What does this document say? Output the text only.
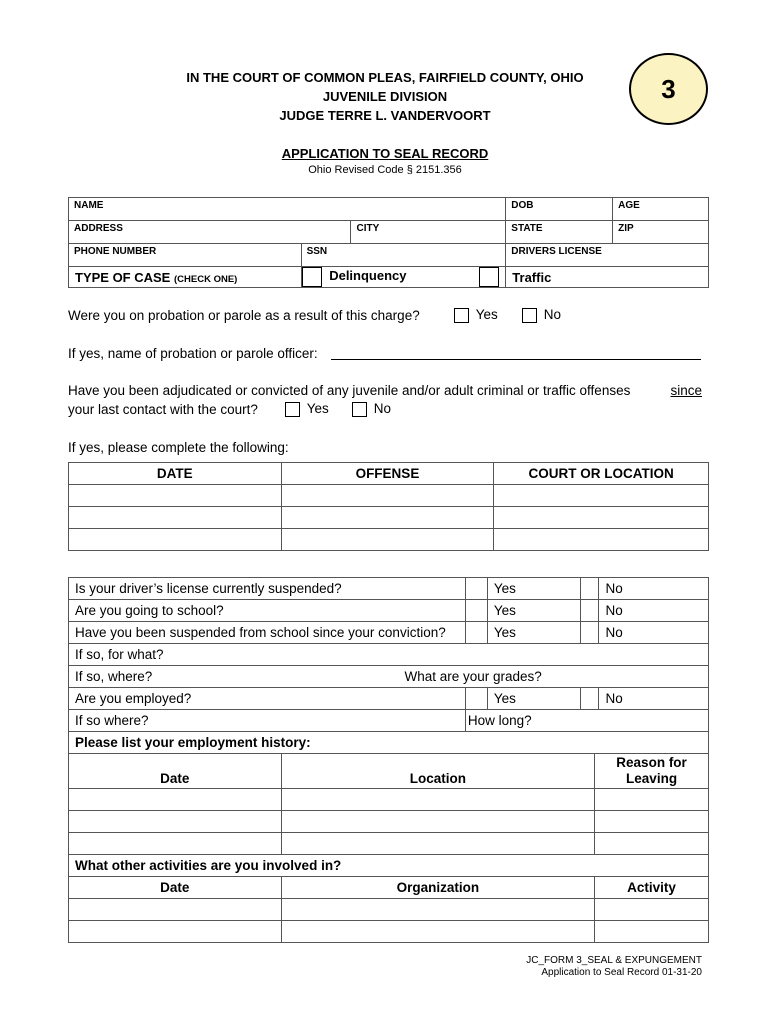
IN THE COURT OF COMMON PLEAS, FAIRFIELD COUNTY, OHIO
JUVENILE DIVISION
JUDGE TERRE L. VANDERVOORT
3
APPLICATION TO SEAL RECORD
Ohio Revised Code § 2151.356
NAME			DOB	AGE
ADDRESS		CITY	STATE	ZIP
PHONE NUMBER	SSN		DRIVERS LICENSE	
TYPE OF CASE (CHECK ONE)	Delinquency		Traffic	
Were you on probation or parole as a result of this charge?	Yes	No
If yes, name of probation or parole officer:
Have you been adjudicated or convicted of any juvenile and/or adult criminal or traffic offenses	since
your last contact with the court?	Yes	No
If yes, please complete the following:
DATE	OFFENSE	COURT OR LOCATION

Is your driver’s license currently suspended?		Yes		No
Are you going to school?		Yes		No
Have you been suspended from school since your conviction?		Yes		No
If so, for what?				
If so, where? What are your grades?				

Are you employed?		Yes		No
If so where?	How long?			
Please list your employment history:				
Date	Location	Reason for Leaving

What other activities are you involved in?		
Date	Organization	Activity

JC_FORM 3_SEAL & EXPUNGEMENT
Application to Seal Record 01-31-20
